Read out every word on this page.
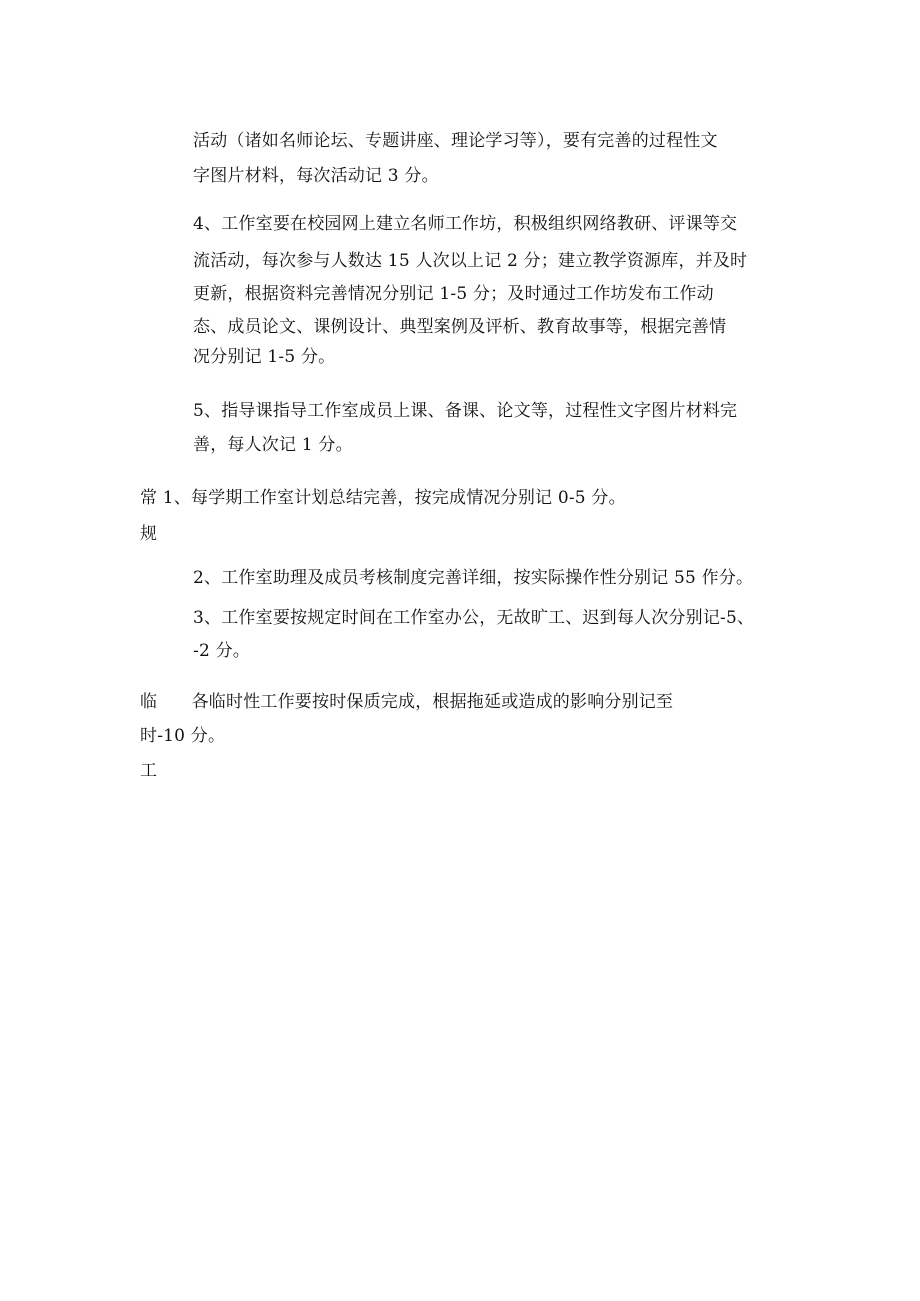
活动（诸如名师论坛、专题讲座、理论学习等），要有完善的过程性文
字图片材料，每次活动记 3 分。
4、工作室要在校园网上建立名师工作坊，积极组织网络教研、评课等交
流活动，每次参与人数达 15 人次以上记 2 分；建立教学资源库，并及时
更新，根据资料完善情况分别记 1-5 分；及时通过工作坊发布工作动
态、成员论文、课例设计、典型案例及评析、教育故事等，根据完善情
况分别记 1-5 分。
5、指导课指导工作室成员上课、备课、论文等，过程性文字图片材料完
善，每人次记 1 分。
常 1、每学期工作室计划总结完善，按完成情况分别记 0-5 分。
规
2、工作室助理及成员考核制度完善详细，按实际操作性分别记 55 作分。
3、工作室要按规定时间在工作室办公，无故旷工、迟到每人次分别记-5、
-2 分。
临　　各临时性工作要按时保质完成，根据拖延或造成的影响分别记至
时-10 分。
工
